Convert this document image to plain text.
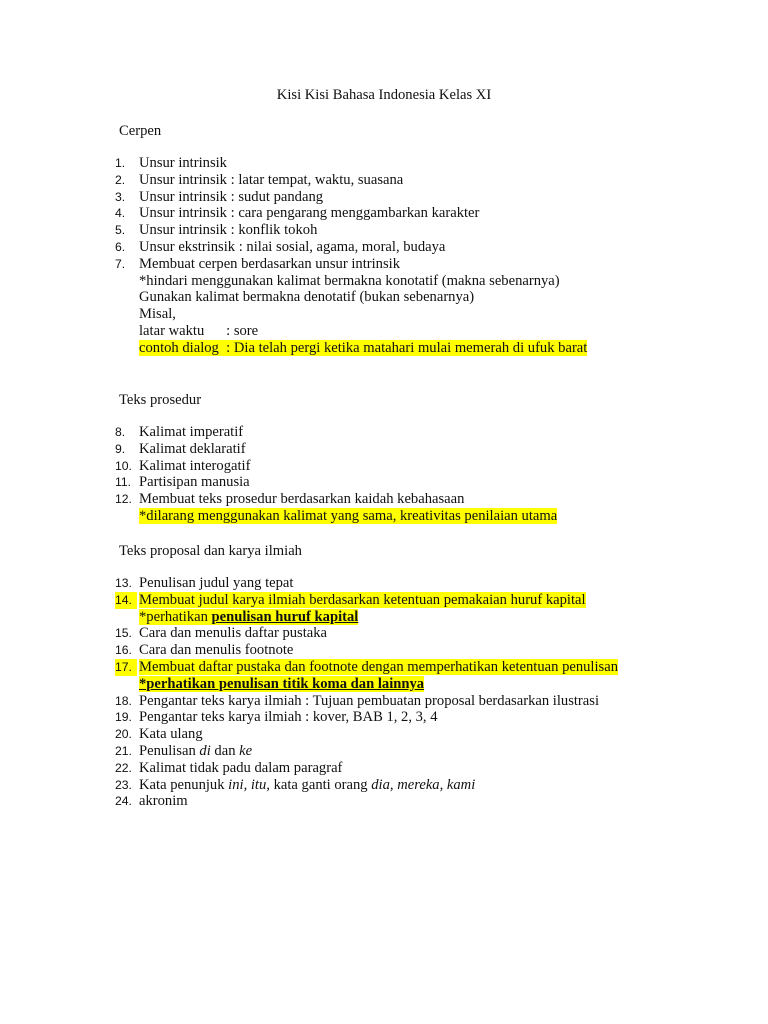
Kisi Kisi Bahasa Indonesia Kelas XI
Cerpen
1. Unsur intrinsik
2. Unsur intrinsik : latar tempat, waktu, suasana
3. Unsur intrinsik : sudut pandang
4. Unsur intrinsik : cara pengarang menggambarkan karakter
5. Unsur intrinsik : konflik tokoh
6. Unsur ekstrinsik : nilai sosial, agama, moral, budaya
7. Membuat cerpen berdasarkan unsur intrinsik
*hindari menggunakan kalimat bermakna konotatif (makna sebenarnya)
Gunakan kalimat bermakna denotatif (bukan sebenarnya)
Misal,
latar waktu      : sore
contoh dialog  : Dia telah pergi ketika matahari mulai memerah di ufuk barat
Teks prosedur
8. Kalimat imperatif
9. Kalimat deklaratif
10. Kalimat interogatif
11. Partisipan manusia
12. Membuat teks prosedur berdasarkan kaidah kebahasaan
*dilarang menggunakan kalimat yang sama, kreativitas penilaian utama
Teks proposal dan karya ilmiah
13. Penulisan judul yang tepat
14. Membuat judul karya ilmiah berdasarkan ketentuan pemakaian huruf kapital
*perhatikan penulisan huruf kapital
15. Cara dan menulis daftar pustaka
16. Cara dan menulis footnote
17. Membuat daftar pustaka dan footnote dengan memperhatikan ketentuan penulisan
*perhatikan penulisan titik koma dan lainnya
18. Pengantar teks karya ilmiah : Tujuan pembuatan proposal berdasarkan ilustrasi
19. Pengantar teks karya ilmiah : kover, BAB 1, 2, 3, 4
20. Kata ulang
21. Penulisan di dan ke
22. Kalimat tidak padu dalam paragraf
23. Kata penunjuk ini, itu, kata ganti orang dia, mereka, kami
24. akronim
